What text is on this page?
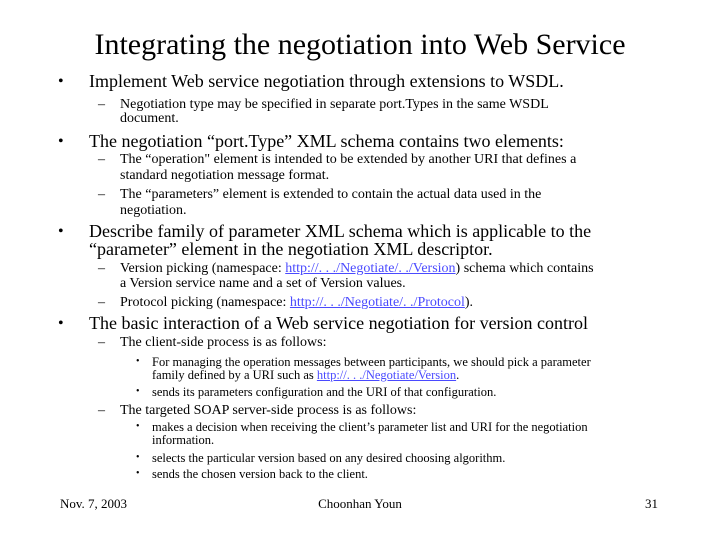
Integrating the negotiation into Web Service
• Implement Web service negotiation through extensions to WSDL.
– Negotiation type may be specified in separate port.Types in the same WSDL
document.
• The negotiation “port.Type” XML schema contains two elements:
– The “operation" element is intended to be extended by another URI that defines a
standard negotiation message format.
– The “parameters” element is extended to contain the actual data used in the
negotiation.
• Describe family of parameter XML schema which is applicable to the
“parameter” element in the negotiation XML descriptor.
– Version picking (namespace: http://. . ./Negotiate/. ./Version) schema which contains
a Version service name and a set of Version values.
– Protocol picking (namespace: http://. . ./Negotiate/. ./Protocol).
• The basic interaction of a Web service negotiation for version control
– The client-side process is as follows:
• For managing the operation messages between participants, we should pick a parameter
family defined by a URI such as http://. . ./Negotiate/Version.
• sends its parameters configuration and the URI of that configuration.
– The targeted SOAP server-side process is as follows:
• makes a decision when receiving the client’s parameter list and URI for the negotiation
information.
• selects the particular version based on any desired choosing algorithm.
• sends the chosen version back to the client.
Nov. 7, 2003	Choonhan Youn	31
